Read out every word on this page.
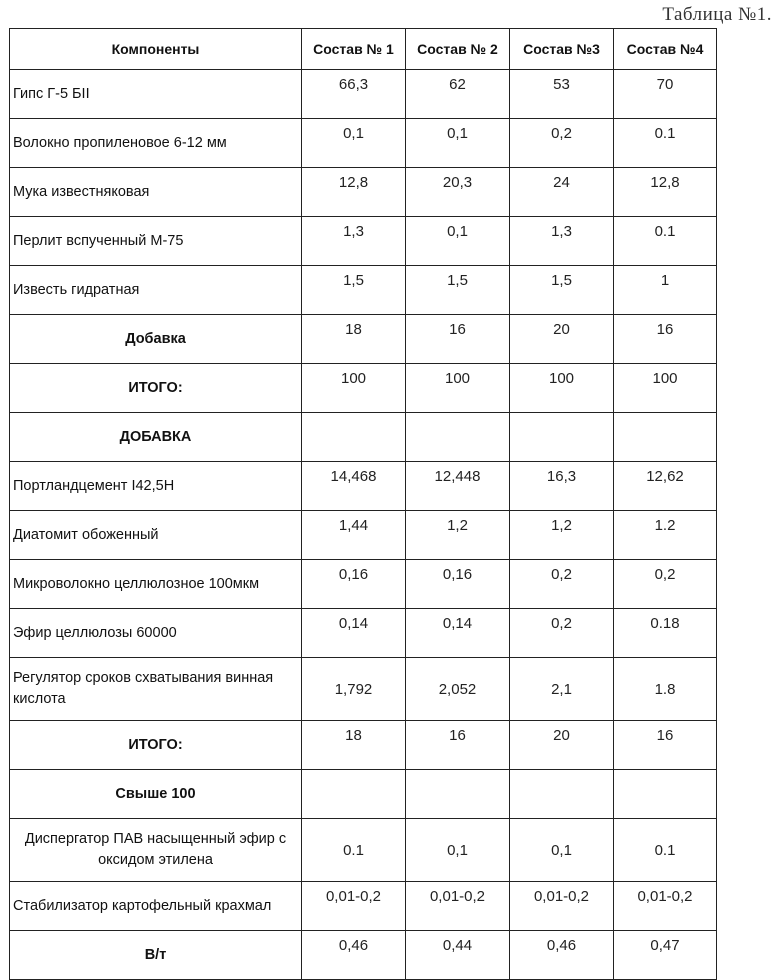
Таблица №1.
Компоненты	Состав № 1	Состав № 2	Состав №3	Состав №4
Гипс Г-5 БII	66,3	62	53	70
Волокно пропиленовое 6-12 мм	0,1	0,1	0,2	0.1
Мука известняковая	12,8	20,3	24	12,8
Перлит вспученный М-75	1,3	0,1	1,3	0.1
Известь гидратная	1,5	1,5	1,5	1
Добавка	18	16	20	16
ИТОГО:	100	100	100	100
ДОБАВКА				
Портландцемент I42,5Н	14,468	12,448	16,3	12,62
Диатомит обоженный	1,44	1,2	1,2	1.2
Микроволокно целлюлозное 100мкм	0,16	0,16	0,2	0,2
Эфир целлюлозы 60000	0,14	0,14	0,2	0.18
Регулятор сроков схватывания винная кислота	1,792	2,052	2,1	1.8
ИТОГО:	18	16	20	16
Свыше 100				
Диспергатор ПАВ насыщенный эфир с оксидом этилена	0.1	0,1	0,1	0.1
Стабилизатор картофельный крахмал	0,01-0,2	0,01-0,2	0,01-0,2	0,01-0,2
В/т	0,46	0,44	0,46	0,47
